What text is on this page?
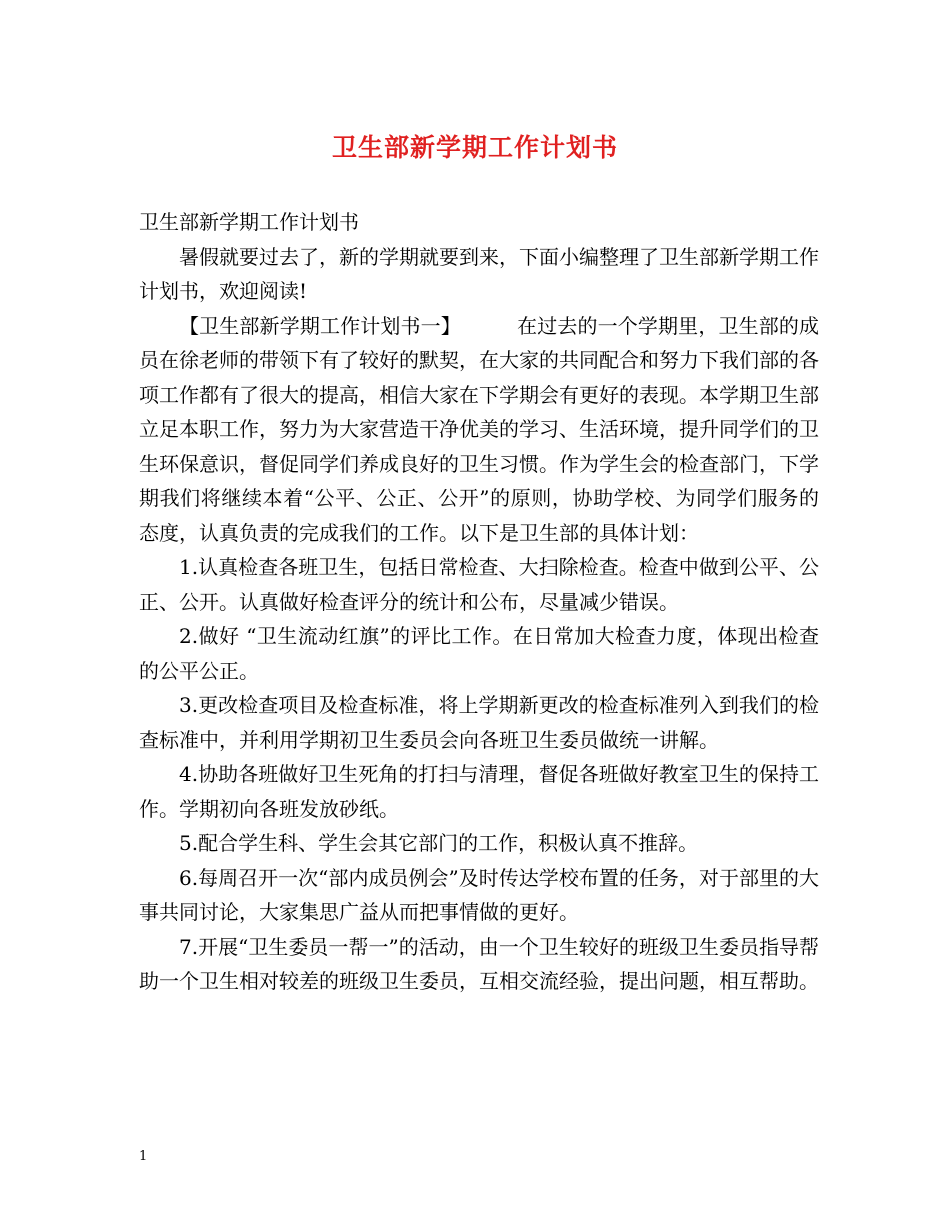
卫生部新学期工作计划书

卫生部新学期工作计划书

暑假就要过去了，新的学期就要到来，下面小编整理了卫生部新学期工作计划书，欢迎阅读!

【卫生部新学期工作计划书一】	在过去的一个学期里，卫生部的成员在徐老师的带领下有了较好的默契，在大家的共同配合和努力下我们部的各项工作都有了很大的提高，相信大家在下学期会有更好的表现。本学期卫生部立足本职工作，努力为大家营造干净优美的学习、生活环境，提升同学们的卫生环保意识，督促同学们养成良好的卫生习惯。作为学生会的检查部门，下学期我们将继续本着“公平、公正、公开”的原则，协助学校、为同学们服务的态度，认真负责的完成我们的工作。以下是卫生部的具体计划：

1.认真检查各班卫生，包括日常检查、大扫除检查。检查中做到公平、公正、公开。认真做好检查评分的统计和公布，尽量减少错误。

2.做好 “卫生流动红旗”的评比工作。在日常加大检查力度，体现出检查的公平公正。

3.更改检查项目及检查标准，将上学期新更改的检查标准列入到我们的检查标准中，并利用学期初卫生委员会向各班卫生委员做统一讲解。

4.协助各班做好卫生死角的打扫与清理，督促各班做好教室卫生的保持工作。学期初向各班发放砂纸。

5.配合学生科、学生会其它部门的工作，积极认真不推辞。

6.每周召开一次“部内成员例会”及时传达学校布置的任务，对于部里的大事共同讨论，大家集思广益从而把事情做的更好。

7.开展“卫生委员一帮一”的活动，由一个卫生较好的班级卫生委员指导帮助一个卫生相对较差的班级卫生委员，互相交流经验，提出问题，相互帮助。

1
